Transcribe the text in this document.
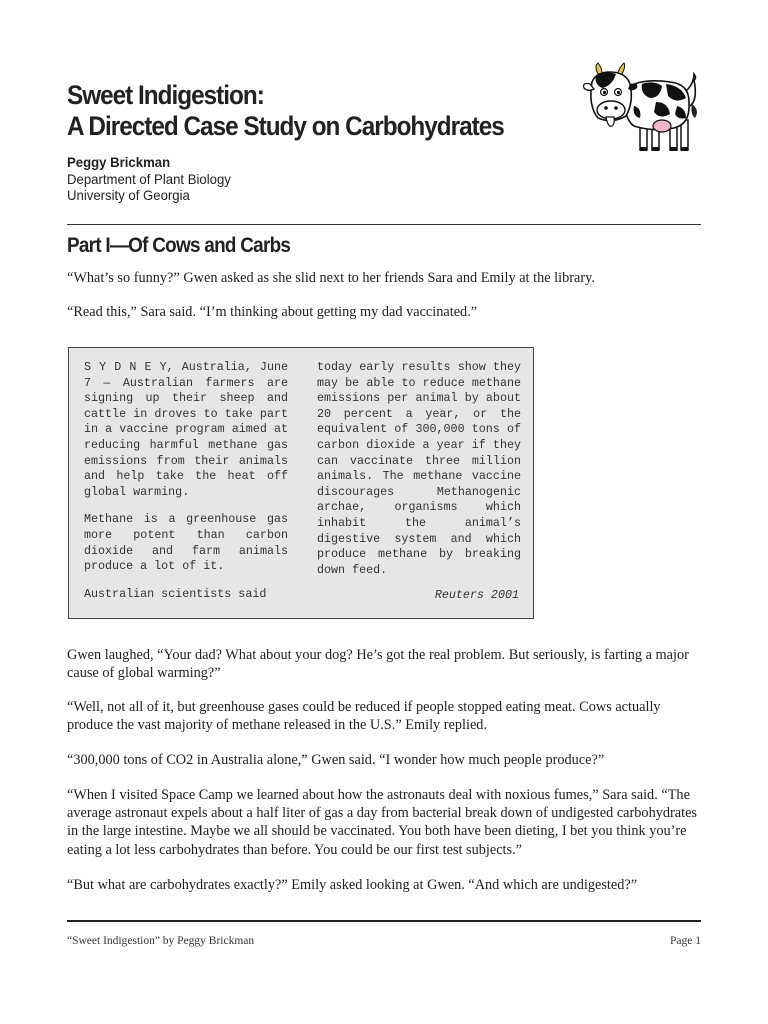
Sweet Indigestion:
A Directed Case Study on Carbohydrates
Peggy Brickman
Department of Plant Biology
University of Georgia
Part I—Of Cows and Carbs

“What’s so funny?” Gwen asked as she slid next to her friends Sara and Emily at the library.

“Read this,” Sara said. “I’m thinking about getting my dad vaccinated.”

S Y D N E Y, Australia, June 7 — Australian farmers are signing up their sheep and cattle in droves to take part in a vaccine program aimed at reducing harmful methane gas emissions from their animals and help take the heat off global warming.

Methane is a greenhouse gas more potent than carbon dioxide and farm animals produce a lot of it.

Australian scientists said

today early results show they may be able to reduce methane emissions per animal by about 20 percent a year, or the equivalent of 300,000 tons of carbon dioxide a year if they can vaccinate three million animals. The methane vaccine discourages Methanogenic archae, organisms which inhabit the animal’s digestive system and which produce methane by breaking down feed.

Reuters 2001

Gwen laughed, “Your dad? What about your dog? He’s got the real problem. But seriously, is farting a major cause of global warming?”

“Well, not all of it, but greenhouse gases could be reduced if people stopped eating meat. Cows actually produce the vast majority of methane released in the U.S.” Emily replied.

“300,000 tons of CO2 in Australia alone,” Gwen said. “I wonder how much people produce?”

“When I visited Space Camp we learned about how the astronauts deal with noxious fumes,” Sara said. “The average astronaut expels about a half liter of gas a day from bacterial break down of undigested carbohydrates in the large intestine. Maybe we all should be vaccinated. You both have been dieting, I bet you think you’re eating a lot less carbohydrates than before. You could be our first test subjects.”

“But what are carbohydrates exactly?” Emily asked looking at Gwen. “And which are undigested?”

“Sweet Indigestion” by Peggy Brickman	Page 1
